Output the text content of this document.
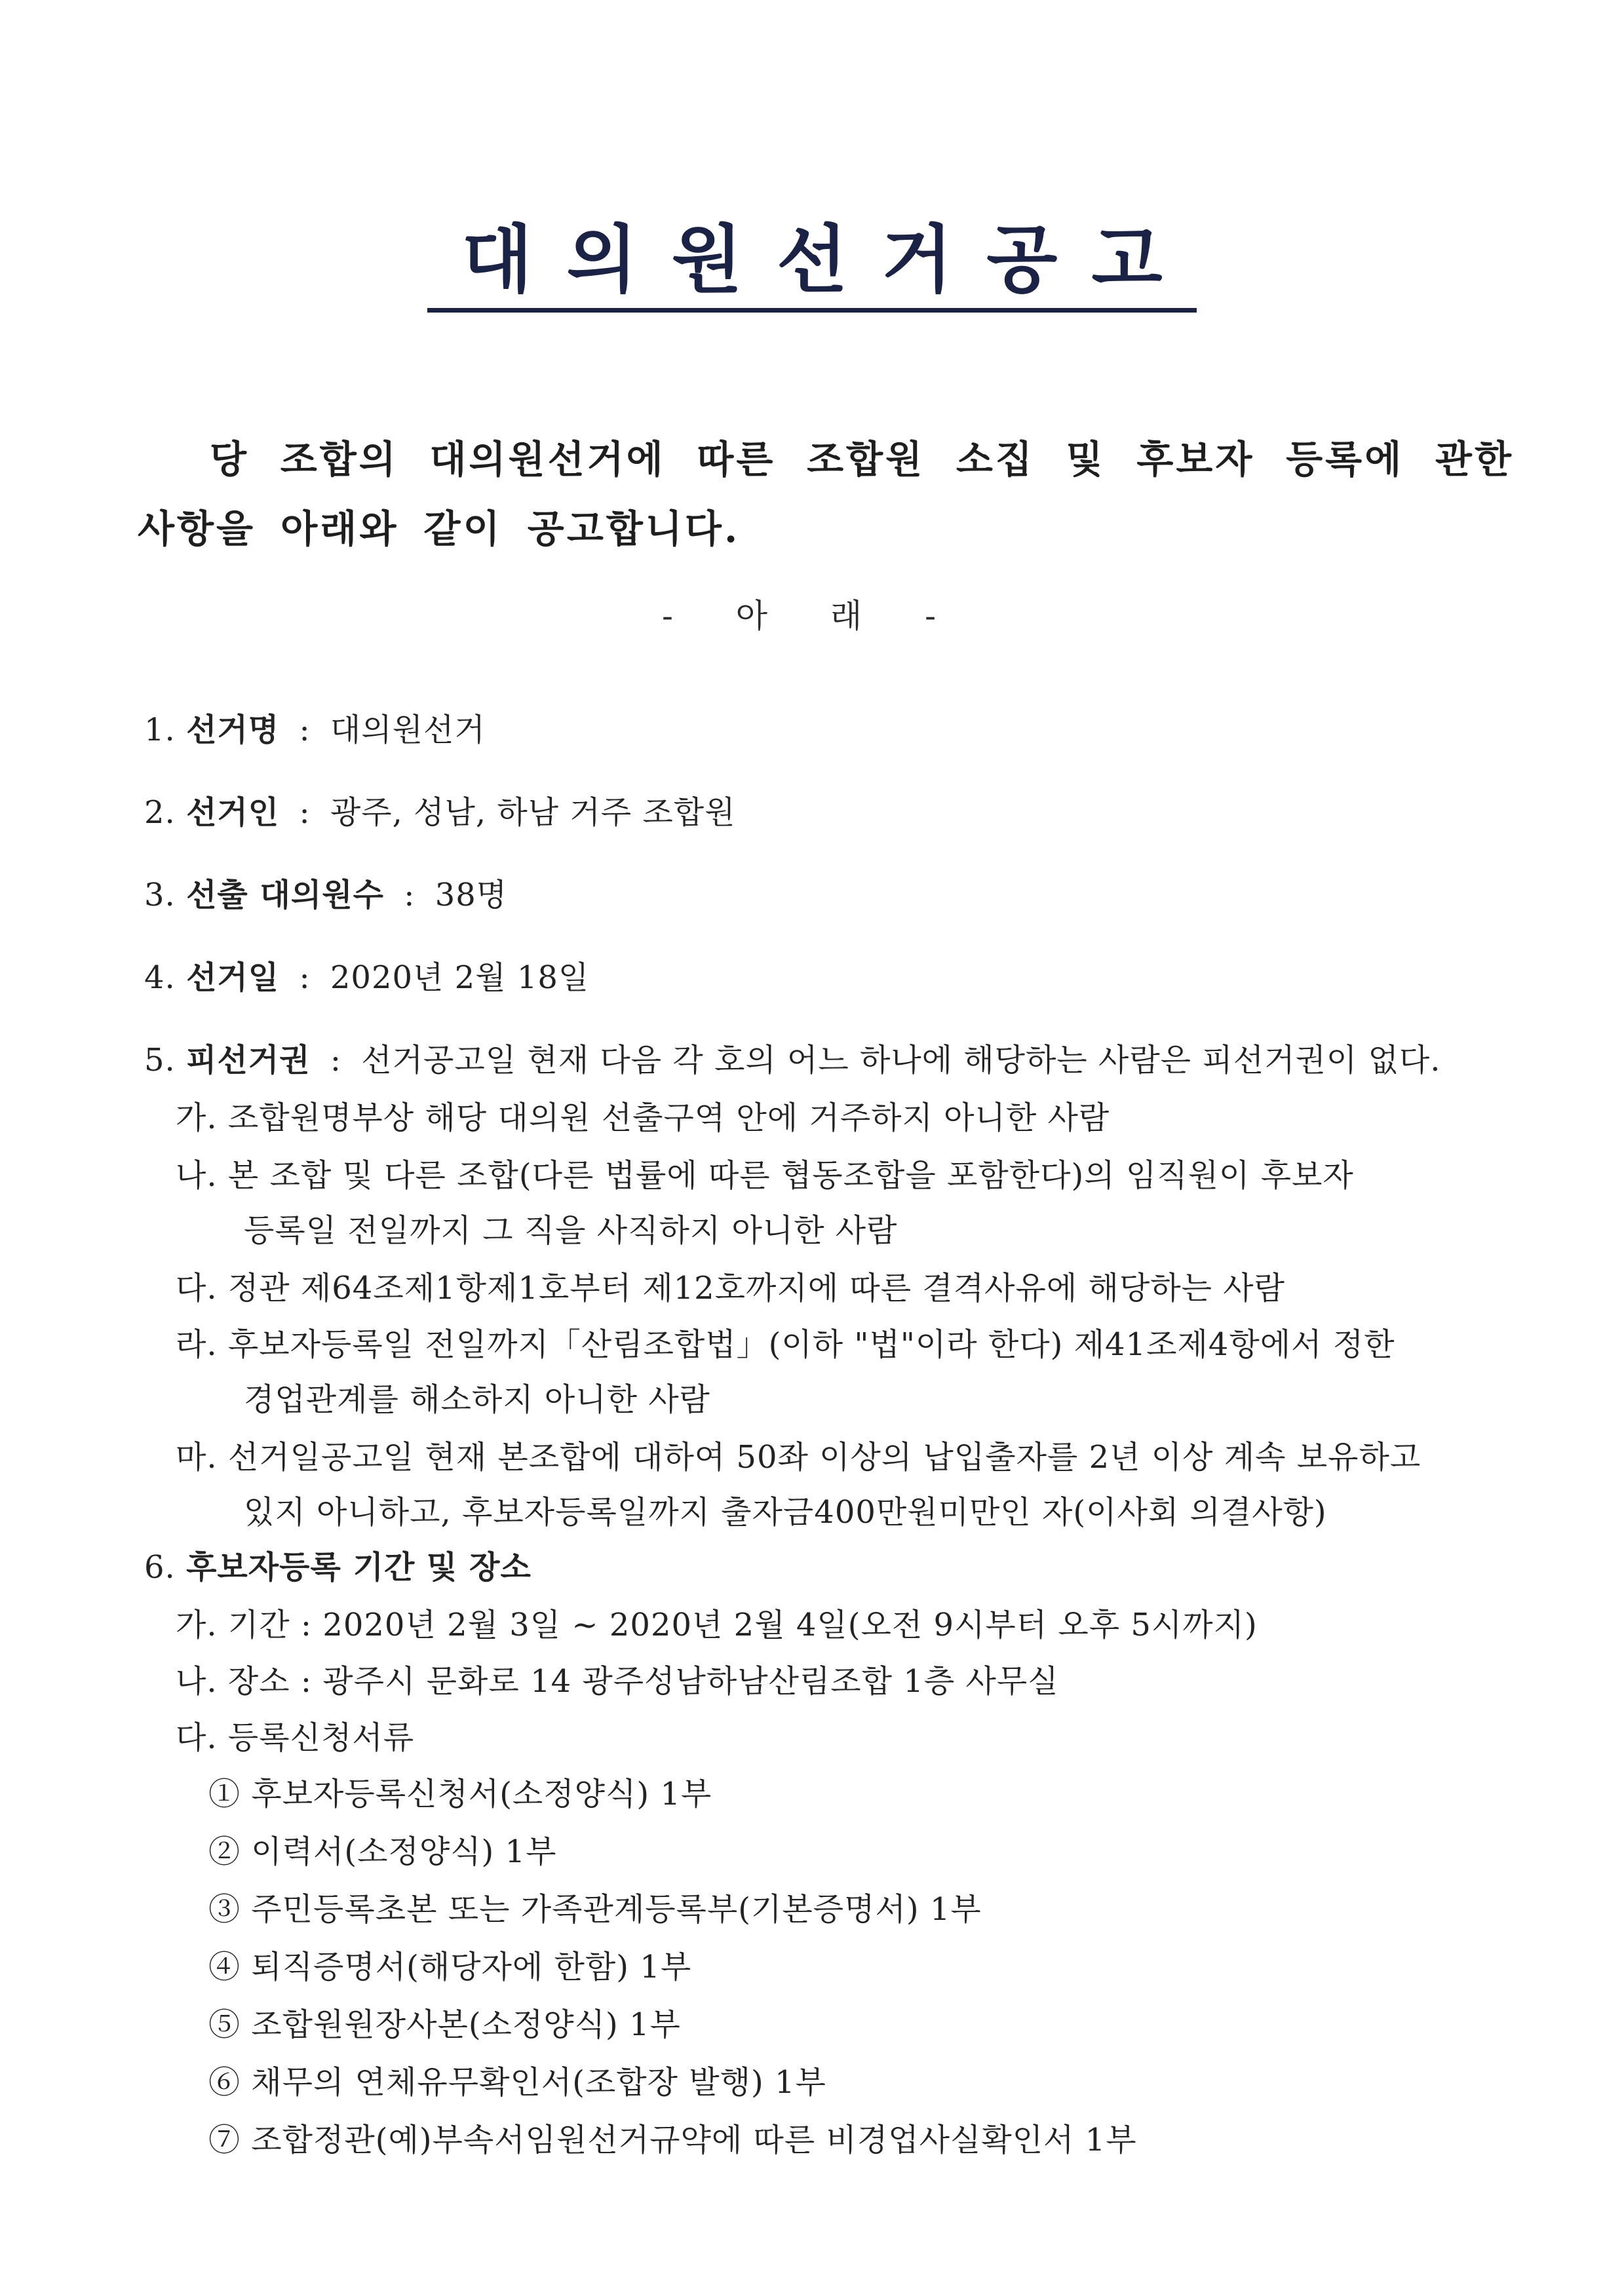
대의원선거공고
당 조합의 대의원선거에 따른 조합원 소집 및 후보자 등록에 관한 사항을 아래와 같이 공고합니다.
- 아 래 -
1. 선거명 : 대의원선거
2. 선거인 : 광주, 성남, 하남 거주 조합원
3. 선출 대의원수 : 38명
4. 선거일 : 2020년 2월 18일
5. 피선거권 : 선거공고일 현재 다음 각 호의 어느 하나에 해당하는 사람은 피선거권이 없다.
가. 조합원명부상 해당 대의원 선출구역 안에 거주하지 아니한 사람
나. 본 조합 및 다른 조합(다른 법률에 따른 협동조합을 포함한다)의 임직원이 후보자
등록일 전일까지 그 직을 사직하지 아니한 사람
다. 정관 제64조제1항제1호부터 제12호까지에 따른 결격사유에 해당하는 사람
라. 후보자등록일 전일까지「산림조합법」(이하 "법"이라 한다) 제41조제4항에서 정한
경업관계를 해소하지 아니한 사람
마. 선거일공고일 현재 본조합에 대하여 50좌 이상의 납입출자를 2년 이상 계속 보유하고
있지 아니하고, 후보자등록일까지 출자금400만원미만인 자(이사회 의결사항)
6. 후보자등록 기간 및 장소
가. 기간 : 2020년 2월 3일 ~ 2020년 2월 4일(오전 9시부터 오후 5시까지)
나. 장소 : 광주시 문화로 14 광주성남하남산림조합 1층 사무실
다. 등록신청서류
① 후보자등록신청서(소정양식) 1부
② 이력서(소정양식) 1부
③ 주민등록초본 또는 가족관계등록부(기본증명서) 1부
④ 퇴직증명서(해당자에 한함) 1부
⑤ 조합원원장사본(소정양식) 1부
⑥ 채무의 연체유무확인서(조합장 발행) 1부
⑦ 조합정관(예)부속서임원선거규약에 따른 비경업사실확인서 1부
